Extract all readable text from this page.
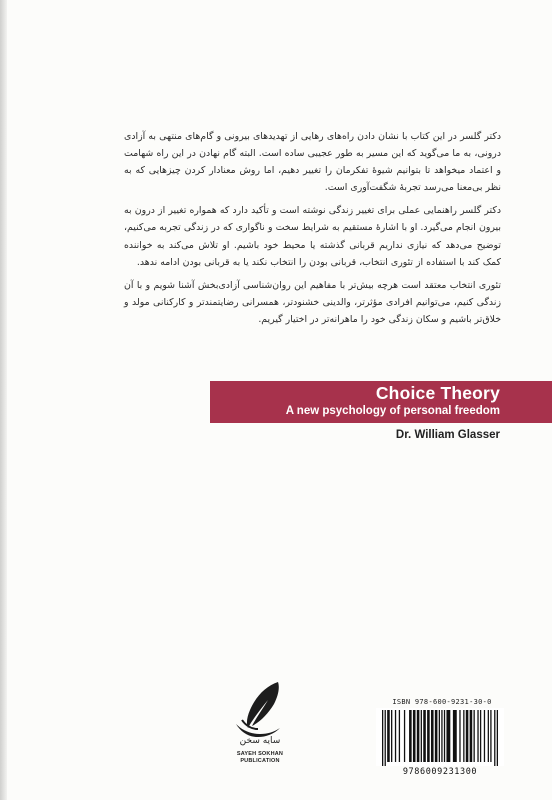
دکتر گلسر در این کتاب با نشان دادن راه‌های رهایی از تهدیدهای بیرونی و گام‌های منتهی به آزادی درونی، به ما می‌گوید که این مسیر به طور عجیبی ساده است. البته گام نهادن در این راه شهامت و اعتماد میخواهد تا بتوانیم شیوۀ تفکرمان را تغییر دهیم، اما روش معنادار کردن چیزهایی که به نظر بی‌معنا می‌رسد تجربۀ شگفت‌آوری است.

دکتر گلسر راهنمایی عملی برای تغییر زندگی نوشته است و تأکید دارد که همواره تغییر از درون به بیرون انجام می‌گیرد. او با اشارۀ مستقیم به شرایط سخت و ناگواری که در زندگی تجربه می‌کنیم، توضیح می‌دهد که نیازی نداریم قربانی گذشته یا محیط خود باشیم. او تلاش می‌کند به خواننده کمک کند با استفاده از تئوری انتخاب، قربانی بودن را انتخاب نکند یا به قربانی بودن ادامه ندهد.

تئوری انتخاب معتقد است هرچه بیش‌تر با مفاهیم این روان‌شناسی آزادی‌بخش آشنا شویم و با آن زندگی کنیم، می‌توانیم افرادی مؤثرتر، والدینی خشنودتر، همسرانی رضایتمندتر و کارکنانی مولد و خلاق‌تر باشیم و سکان زندگی خود را ماهرانه‌تر در اختیار گیریم.

Choice Theory
A new psychology of personal freedom
Dr. William Glasser
سایه سخن
SAYEH SOKHAN
PUBLICATION
ISBN 978-600-9231-30-0
9786009231300
